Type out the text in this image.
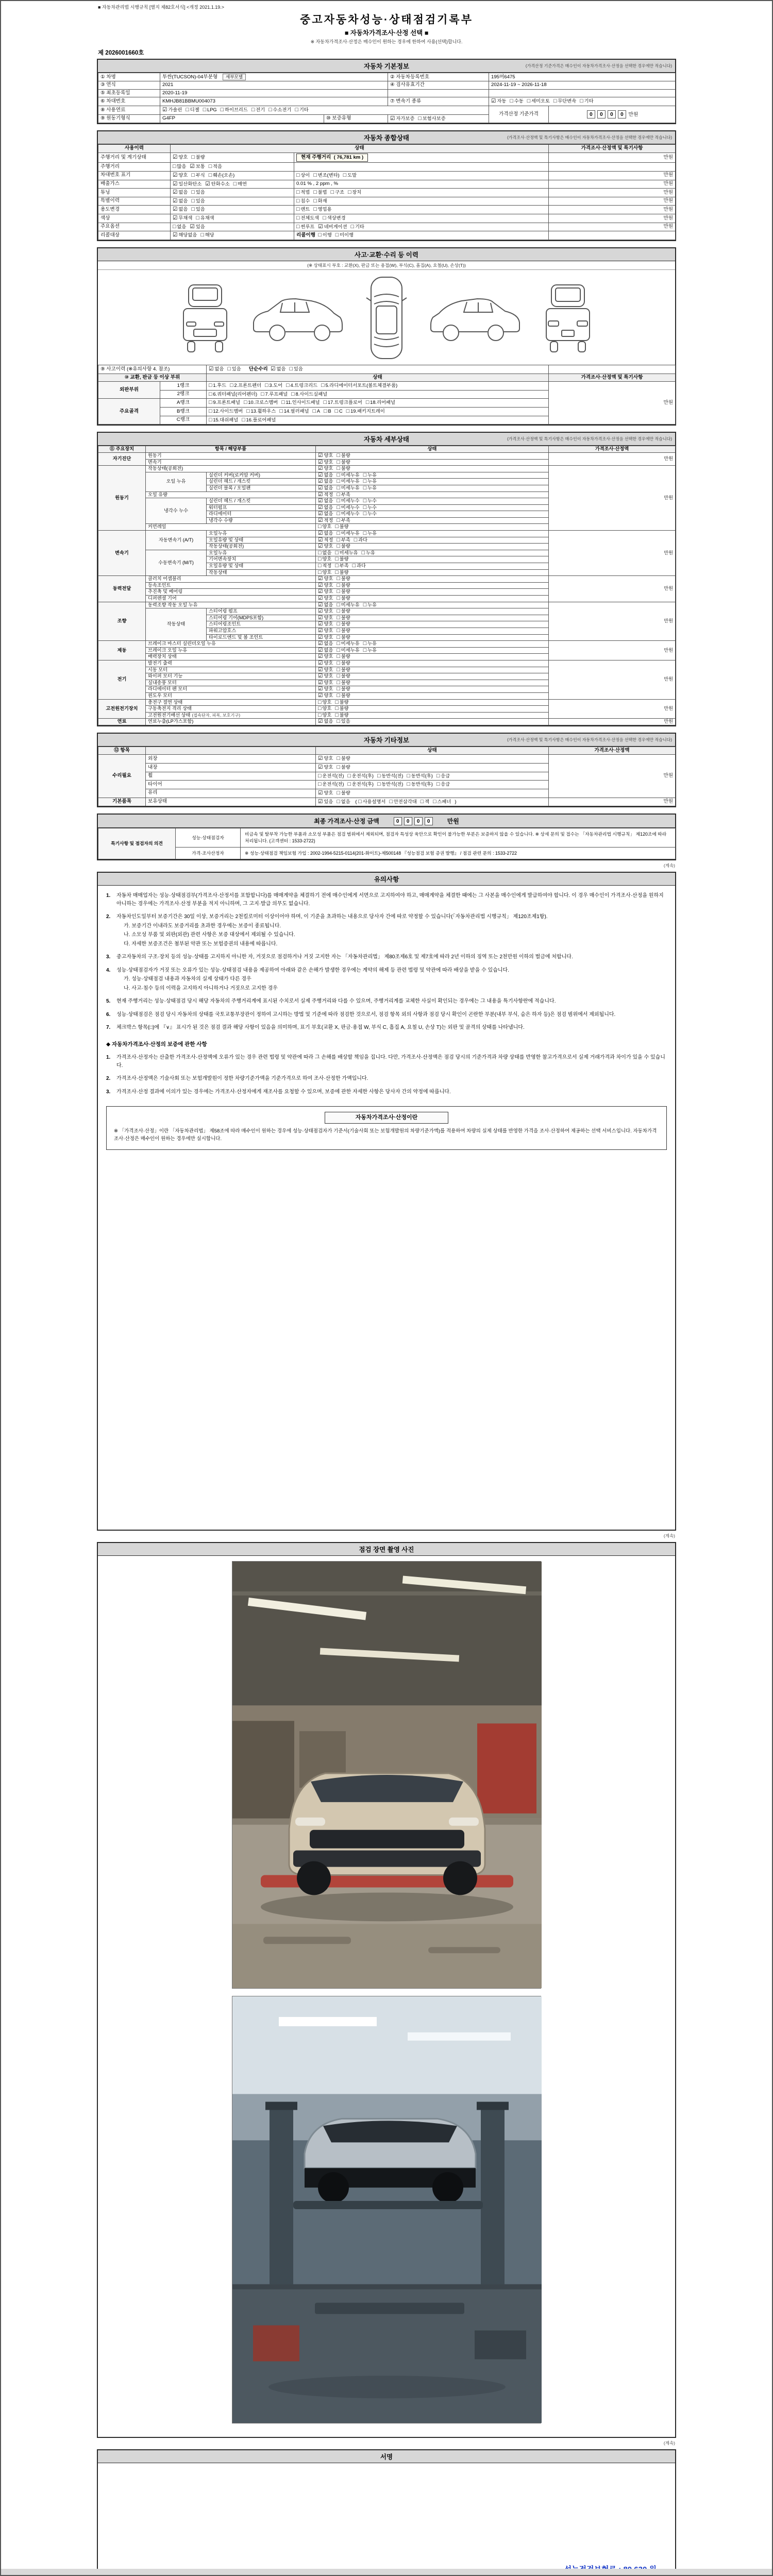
■ 자동차관리법 시행규칙 [별지 제82호서식] <개정 2021.1.19.>
중고자동차성능·상태점검기록부
■ 자동차가격조사·산정 선택 ■
※ 자동차가격조사·산정은 매수인이 원하는 경우에 한하여 사용(선택)합니다.
제 2026001660호
자동차 기본정보	(가격산정 기준가격은 매수인이 자동차가격조사·산정을 선택한 경우에만 적습니다)
① 차명	투싼(TUCSON)-04부분형 세부모델		② 자동차등록번호	195머6475	
③ 연식	2021		④ 검사유효기간	2024-11-19 ~ 2026-11-18	
⑤ 최초등록일	2020-11-19				
⑥ 차대번호	KMHJB81BBMU004073		⑦ 변속기 종류	☑ 자동 □ 수동 □ 세미오토 □ 무단변속 □ 기타	
⑧ 사용연료	☑ 가솔린 □ 디젤 □ LPG □ 하이브리드 □ 전기 □ 수소전기 □ 기타			가격산정 기준가격	0 0 0 0 만원
⑨ 원동기형식	G4FP	⑩ 보증유형	☑ 자가보증 □ 보험사보증		
자동차 종합상태	(가격조사·산정액 및 특기사항은 매수인이 자동차가격조사·산정을 선택한 경우에만 적습니다)
사용이력	상태		가격조사·산정액 및 특기사항
주행거리 및 계기상태	☑ 양호 □ 불량	현재 주행거리  ( 76,781 km )	만원
주행거리	□ 많음 ☑ 보통 □ 적음		
차대번호 표기	☑ 양호 □ 부식 □ 훼손(오손)	□ 상이 □ 변조(변타) □ 도말	만원
배출가스	☑ 일산화탄소 ☑ 탄화수소 □ 매연	0.01 % , 2 ppm , %	만원
튜닝	☑ 없음 □ 있음	□ 적법 □ 불법 □ 구조 □ 장치	만원
특별이력	☑ 없음 □ 있음	□ 침수 □ 화재	만원
용도변경	☑ 없음 □ 있음	□ 렌트 □ 영업용	만원
색상	☑ 무채색 □ 유채색	□ 전체도색 □ 색상변경	만원
주요옵션	□ 없음 ☑ 있음	□ 썬루프 ☑ 네비게이션 □ 기타	만원
리콜대상	☑ 해당없음 □ 해당	리콜이행 □ 이행 □ 미이행	
사고·교환·수리 등 이력
(※ 상태표시 부호 : 교환(X), 판금 또는 용접(W), 부식(C), 흠집(A), 요철(U), 손상(T))
⑨ 사고이력 (※유의사항 4. 참조)		☑ 없음 □ 있음 단순수리 ☑ 없음 □ 있음	
⑩ 교환, 판금 등 이상 부위		상태	가격조사·산정액 및 특기사항
외판부위	1랭크	□ 1.후드 □ 2.프론트펜더 □ 3.도어 □ 4.트렁크리드 □ 5.라디에이터서포트(볼트체결부품)	만원
	2랭크	□ 6.쿼터패널(리어펜더) □ 7.루프패널 □ 8.사이드실패널	
주요골격	A랭크	□ 9.프론트패널 □ 10.크로스멤버 □ 11.인사이드패널 □ 17.트렁크플로어 □ 18.리어패널	
	B랭크	□ 12.사이드멤버 □ 13.휠하우스 □ 14.필러패널 □ A □ B □ C □ 19.패키지트레이	
	C랭크	□ 15.대쉬패널 □ 16.플로어패널	
자동차 세부상태	(가격조사·산정액 및 특기사항은 매수인이 자동차가격조사·산정을 선택한 경우에만 적습니다)
⑪ 주요장치	항목 / 해당부품		상태	가격조사·산정액
자기진단	원동기		☑ 양호 □ 불량	만원
	변속기		☑ 양호 □ 불량	
원동기	작동상태(공회전)		☑ 양호 □ 불량	만원
	오일 누유	실린더 커버(로커암 커버)	☑ 없음 □ 미세누유 □ 누유	
		실린더 헤드 / 개스킷	☑ 없음 □ 미세누유 □ 누유	
		실린더 블록 / 오일팬	☑ 없음 □ 미세누유 □ 누유	
	오일 유량		☑ 적정 □ 부족	
	냉각수 누수	실린더 헤드 / 개스킷	☑ 없음 □ 미세누수 □ 누수	
		워터펌프	☑ 없음 □ 미세누수 □ 누수	
		라디에이터	☑ 없음 □ 미세누수 □ 누수	
		냉각수 수량	☑ 적정 □ 부족	
	커먼레일		□ 양호 □ 불량	
변속기	자동변속기 (A/T)	오일누유	☑ 없음 □ 미세누유 □ 누유	만원
		오일유량 및 상태	☑ 적정 □ 부족 □ 과다	
		작동상태(공회전)	☑ 양호 □ 불량	
	수동변속기 (M/T)	오일누유	□ 없음 □ 미세누유 □ 누유	
		기어변속장치	□ 양호 □ 불량	
		오일유량 및 상태	□ 적정 □ 부족 □ 과다	
		작동상태	□ 양호 □ 불량	
동력전달	클러치 어셈블리		☑ 양호 □ 불량	만원
	등속조인트		☑ 양호 □ 불량	
	추진축 및 베어링		☑ 양호 □ 불량	
	디퍼렌셜 기어		☑ 양호 □ 불량	
조향	동력조향 작동 오일 누유		☑ 없음 □ 미세누유 □ 누유	만원
	작동상태	스티어링 펌프	☑ 양호 □ 불량	
		스티어링 기어(MDPS포함)	☑ 양호 □ 불량	
		스티어링조인트	☑ 양호 □ 불량	
		파워고압호스	☑ 양호 □ 불량	
		타이로드엔드 및 볼 조인트	☑ 양호 □ 불량	
제동	브레이크 마스터 실린더오일 누유		☑ 없음 □ 미세누유 □ 누유	만원
	브레이크 오일 누유		☑ 없음 □ 미세누유 □ 누유	
	배력장치 상태		☑ 양호 □ 불량	
전기	발전기 출력		☑ 양호 □ 불량	만원
	시동 모터		☑ 양호 □ 불량	
	와이퍼 모터 기능		☑ 양호 □ 불량	
	실내송풍 모터		☑ 양호 □ 불량	
	라디에이터 팬 모터		☑ 양호 □ 불량	
	윈도우 모터		☑ 양호 □ 불량	
고전원전기장치	충전구 절연 상태		□ 양호 □ 불량	만원
	구동축전지 격리 상태		□ 양호 □ 불량	
	고전원전기배선 상태 (접속단자, 피복, 보호기구)		□ 양호 □ 불량	
연료	연료누출(LP가스포함)		☑ 없음 □ 있음	만원
자동차 기타정보	(가격조사·산정액 및 특기사항은 매수인이 자동차가격조사·산정을 선택한 경우에만 적습니다)
⑫ 항목		상태	가격조사·산정액
수리필요	외장	☑ 양호 □ 불량	만원
	내장	☑ 양호 □ 불량	
	휠	□ 운전석(전) □ 운전석(후) □ 동반석(전) □ 동반석(후) □ 응급	
	타이어	□ 운전석(전) □ 운전석(후) □ 동반석(전) □ 동반석(후) □ 응급	
	유리	☑ 양호 □ 불량	
기본품목	보유상태	☑ 있음 □ 없음 ( □ 사용설명서 □ 안전삼각대 □ 잭 □ 스패너 )	만원
최종 가격조사·산정 금액	0 0 0 0	만원
특기사항 및 점검자의 의견	성능·상태점검자	비금속 및 탈부착 가능한 부품과 소모성 부품은 점검 범위에서 제외되며, 점검자 특성상 육안으로 확인이 불가능한 부분은 보증하지 않을 수 있습니다. ※ 상세 문의 및 접수는 「자동차관리법 시행규칙」 제120조에 따라 처리됩니다. (고객센터 : 1533-2722)
	가격·조사산정자	※ 성능·상태점검 책임보험 가입 : 2002-1994-5215-0114(201-화이트)-제500148 『성능점검 보험 증권 발행』 / 점검 관련 문의 : 1533-2722
(계속)
유의사항
1.	자동차 매매업자는 성능·상태점검부(가격조사·산정서를 포함합니다)를 매매계약을 체결하기 전에 매수인에게 서면으로 고지하여야 하고, 매매계약을 체결한 때에는 그 사본을 매수인에게 발급하여야 합니다. 이 경우 매수인이 가격조사·산정을 원하지 아니하는 경우에는 가격조사·산정 부분을 적지 아니하며, 그 고지·발급 의무도 없습니다.
2.	자동차인도일부터 보증기간은 30일 이상, 보증거리는 2천킬로미터 이상이어야 하며, 이 기준을 초과하는 내용으로 당사자 간에 따로 약정할 수 있습니다(「자동차관리법 시행규칙」 제120조제1항).
가. 보증기간 이내라도 보증거리를 초과한 경우에는 보증이 종료됩니다.
나. 소모성 부품 및 외판(외관) 관련 사항은 보증 대상에서 제외될 수 있습니다.
다. 자세한 보증조건은 첨부된 약관 또는 보험증권의 내용에 따릅니다.
3.	중고자동차의 구조·장치 등의 성능·상태를 고지하지 아니한 자, 거짓으로 점검하거나 거짓 고지한 자는 「자동차관리법」 제80조제6호 및 제7호에 따라 2년 이하의 징역 또는 2천만원 이하의 벌금에 처합니다.
4.	성능·상태점검자가 거짓 또는 오류가 있는 성능·상태점검 내용을 제공하여 아래와 같은 손해가 발생한 경우에는 계약의 해제 등 관련 법령 및 약관에 따라 배상을 받을 수 있습니다.
가. 성능·상태점검 내용과 자동차의 실제 상태가 다른 경우
나. 사고·침수 등의 이력을 고지하지 아니하거나 거짓으로 고지한 경우
5.	현재 주행거리는 성능·상태점검 당시 해당 자동차의 주행거리계에 표시된 수치로서 실제 주행거리와 다를 수 있으며, 주행거리계를 교체한 사실이 확인되는 경우에는 그 내용을 특기사항란에 적습니다.
6.	성능·상태점검은 점검 당시 자동차의 상태를 국토교통부장관이 정하여 고시하는 방법 및 기준에 따라 점검한 것으로서, 점검 항목 외의 사항과 점검 당시 확인이 곤란한 부분(내부 부식, 숨은 하자 등)은 점검 범위에서 제외됩니다.
7.	체크박스 항목(□)에 『∨』 표시가 된 것은 점검 결과 해당 사항이 있음을 의미하며, 표기 부호(교환 X, 판금·용접 W, 부식 C, 흠집 A, 요철 U, 손상 T)는 외판 및 골격의 상태를 나타냅니다.
◆ 자동차가격조사·산정의 보증에 관한 사항
1.	가격조사·산정자는 산출한 가격조사·산정액에 오류가 있는 경우 관련 법령 및 약관에 따라 그 손해를 배상할 책임을 집니다. 다만, 가격조사·산정액은 점검 당시의 기준가격과 차량 상태를 반영한 참고가격으로서 실제 거래가격과 차이가 있을 수 있습니다.
2.	가격조사·산정액은 기술사회 또는 보험개발원이 정한 차량기준가액을 기준가격으로 하여 조사·산정한 가액입니다.
3.	가격조사·산정 결과에 이의가 있는 경우에는 가격조사·산정자에게 재조사를 요청할 수 있으며, 보증에 관한 자세한 사항은 당사자 간의 약정에 따릅니다.
자동차가격조사·산정이란
※ 「가격조사·산정」이란 「자동차관리법」 제58조에 따라 매수인이 원하는 경우에 성능·상태점검자가 기준서(기술사회 또는 보험개발원의 차량기준가액)를 적용하여 차량의 실제 상태를 반영한 가격을 조사·산정하여 제공하는 선택 서비스입니다. 자동차가격조사·산정은 매수인이 원하는 경우에만 실시합니다.
(계속)
점검 장면 촬영 사진
(계속)
서명
